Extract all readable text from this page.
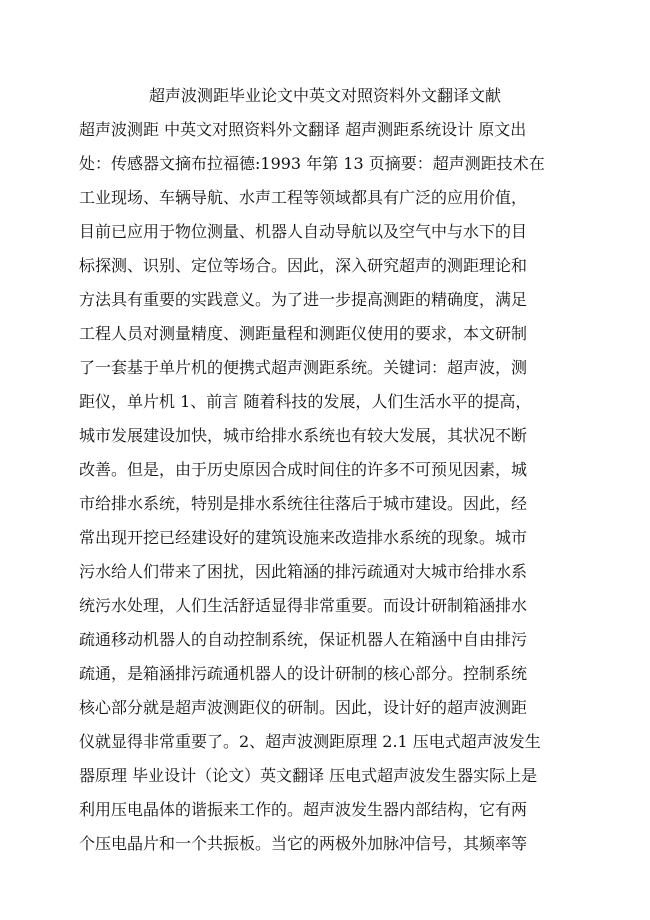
超声波测距毕业论文中英文对照资料外文翻译文献

超声波测距 中英文对照资料外文翻译 超声测距系统设计 原文出

处：传感器文摘布拉福德:1993 年第 13 页摘要：超声测距技术在

工业现场、车辆导航、水声工程等领域都具有广泛的应用价值，

目前已应用于物位测量、机器人自动导航以及空气中与水下的目

标探测、识别、定位等场合。因此，深入研究超声的测距理论和

方法具有重要的实践意义。为了进一步提高测距的精确度，满足

工程人员对测量精度、测距量程和测距仪使用的要求，本文研制

了一套基于单片机的便携式超声测距系统。关键词：超声波，测

距仪，单片机 1、前言 随着科技的发展，人们生活水平的提高，

城市发展建设加快，城市给排水系统也有较大发展，其状况不断

改善。但是，由于历史原因合成时间住的许多不可预见因素，城

市给排水系统，特别是排水系统往往落后于城市建设。因此，经

常出现开挖已经建设好的建筑设施来改造排水系统的现象。城市

污水给人们带来了困扰，因此箱涵的排污疏通对大城市给排水系

统污水处理，人们生活舒适显得非常重要。而设计研制箱涵排水

疏通移动机器人的自动控制系统，保证机器人在箱涵中自由排污

疏通，是箱涵排污疏通机器人的设计研制的核心部分。控制系统

核心部分就是超声波测距仪的研制。因此，设计好的超声波测距

仪就显得非常重要了。2、超声波测距原理 2.1 压电式超声波发生

器原理 毕业设计（论文）英文翻译 压电式超声波发生器实际上是

利用压电晶体的谐振来工作的。超声波发生器内部结构，它有两

个压电晶片和一个共振板。当它的两极外加脉冲信号，其频率等
